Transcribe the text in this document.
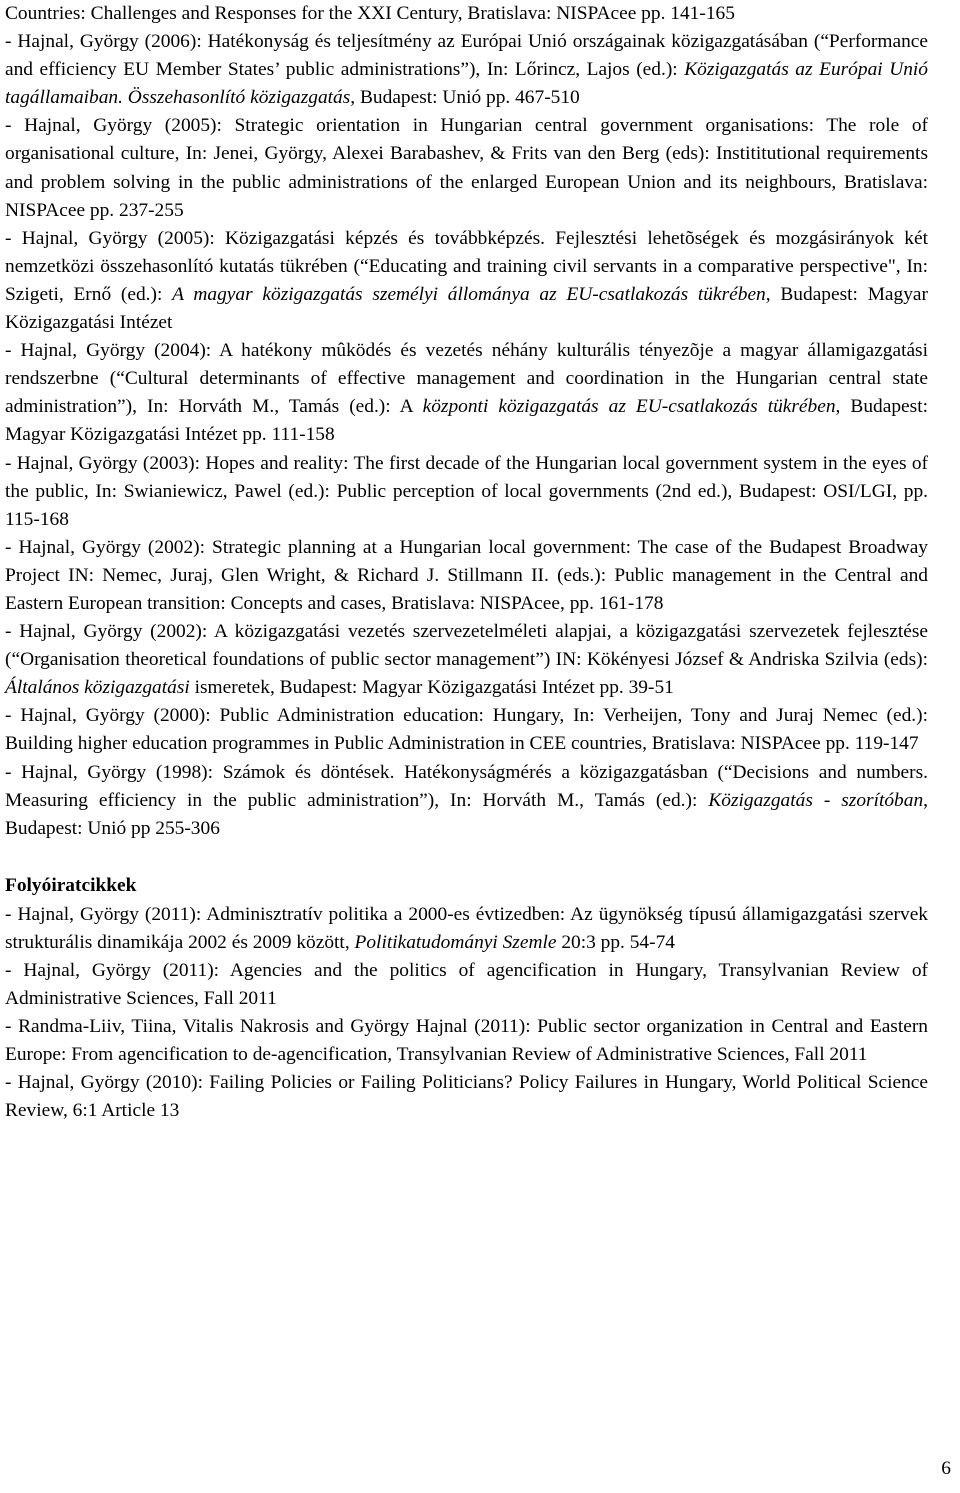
Countries: Challenges and Responses for the XXI Century, Bratislava: NISPAcee pp. 141-165

- Hajnal, György (2006): Hatékonyság és teljesítmény az Európai Unió országainak közigazgatásában (“Performance and efficiency EU Member States’ public administrations”), In: Lőrincz, Lajos (ed.): Közigazgatás az Európai Unió tagállamaiban. Összehasonlító közigazgatás, Budapest: Unió pp. 467-510

- Hajnal, György (2005): Strategic orientation in Hungarian central government organisations: The role of organisational culture, In: Jenei, György, Alexei Barabashev, & Frits van den Berg (eds): Instititutional requirements and problem solving in the public administrations of the enlarged European Union and its neighbours, Bratislava: NISPAcee pp. 237-255

- Hajnal, György (2005): Közigazgatási képzés és továbbképzés. Fejlesztési lehetõségek és mozgásirányok két nemzetközi összehasonlító kutatás tükrében (“Educating and training civil servants in a comparative perspective", In: Szigeti, Ernő (ed.): A magyar közigazgatás személyi állománya az EU-csatlakozás tükrében, Budapest: Magyar Közigazgatási Intézet

- Hajnal, György (2004): A hatékony mûködés és vezetés néhány kulturális tényezõje a magyar államigazgatási rendszerbne (“Cultural determinants of effective management and coordination in the Hungarian central state administration”), In: Horváth M., Tamás (ed.): A központi közigazgatás az EU-csatlakozás tükrében, Budapest: Magyar Közigazgatási Intézet pp. 111-158

- Hajnal, György (2003): Hopes and reality: The first decade of the Hungarian local government system in the eyes of the public, In: Swianiewicz, Pawel (ed.): Public perception of local governments (2nd ed.), Budapest: OSI/LGI, pp. 115-168

- Hajnal, György (2002): Strategic planning at a Hungarian local government: The case of the Budapest Broadway Project IN: Nemec, Juraj, Glen Wright, & Richard J. Stillmann II. (eds.): Public management in the Central and Eastern European transition: Concepts and cases, Bratislava: NISPAcee, pp. 161-178

- Hajnal, György (2002): A közigazgatási vezetés szervezetelméleti alapjai, a közigazgatási szervezetek fejlesztése (“Organisation theoretical foundations of public sector management”) IN: Kökényesi József & Andriska Szilvia (eds): Általános közigazgatási ismeretek, Budapest: Magyar Közigazgatási Intézet pp. 39-51

- Hajnal, György (2000): Public Administration education: Hungary, In: Verheijen, Tony and Juraj Nemec (ed.): Building higher education programmes in Public Administration in CEE countries, Bratislava: NISPAcee pp. 119-147

- Hajnal, György (1998): Számok és döntések. Hatékonyságmérés a közigazgatásban (“Decisions and numbers. Measuring efficiency in the public administration”), In: Horváth M., Tamás (ed.): Közigazgatás - szorítóban, Budapest: Unió pp 255-306

Folyóiratcikkek

- Hajnal, György (2011): Adminisztratív politika a 2000-es évtizedben: Az ügynökség típusú államigazgatási szervek strukturális dinamikája 2002 és 2009 között, Politikatudományi Szemle 20:3 pp. 54-74

- Hajnal, György (2011): Agencies and the politics of agencification in Hungary, Transylvanian Review of Administrative Sciences, Fall 2011

- Randma-Liiv, Tiina, Vitalis Nakrosis and György Hajnal (2011): Public sector organization in Central and Eastern Europe: From agencification to de-agencification, Transylvanian Review of Administrative Sciences, Fall 2011

- Hajnal, György (2010): Failing Policies or Failing Politicians? Policy Failures in Hungary, World Political Science Review, 6:1 Article 13

6
